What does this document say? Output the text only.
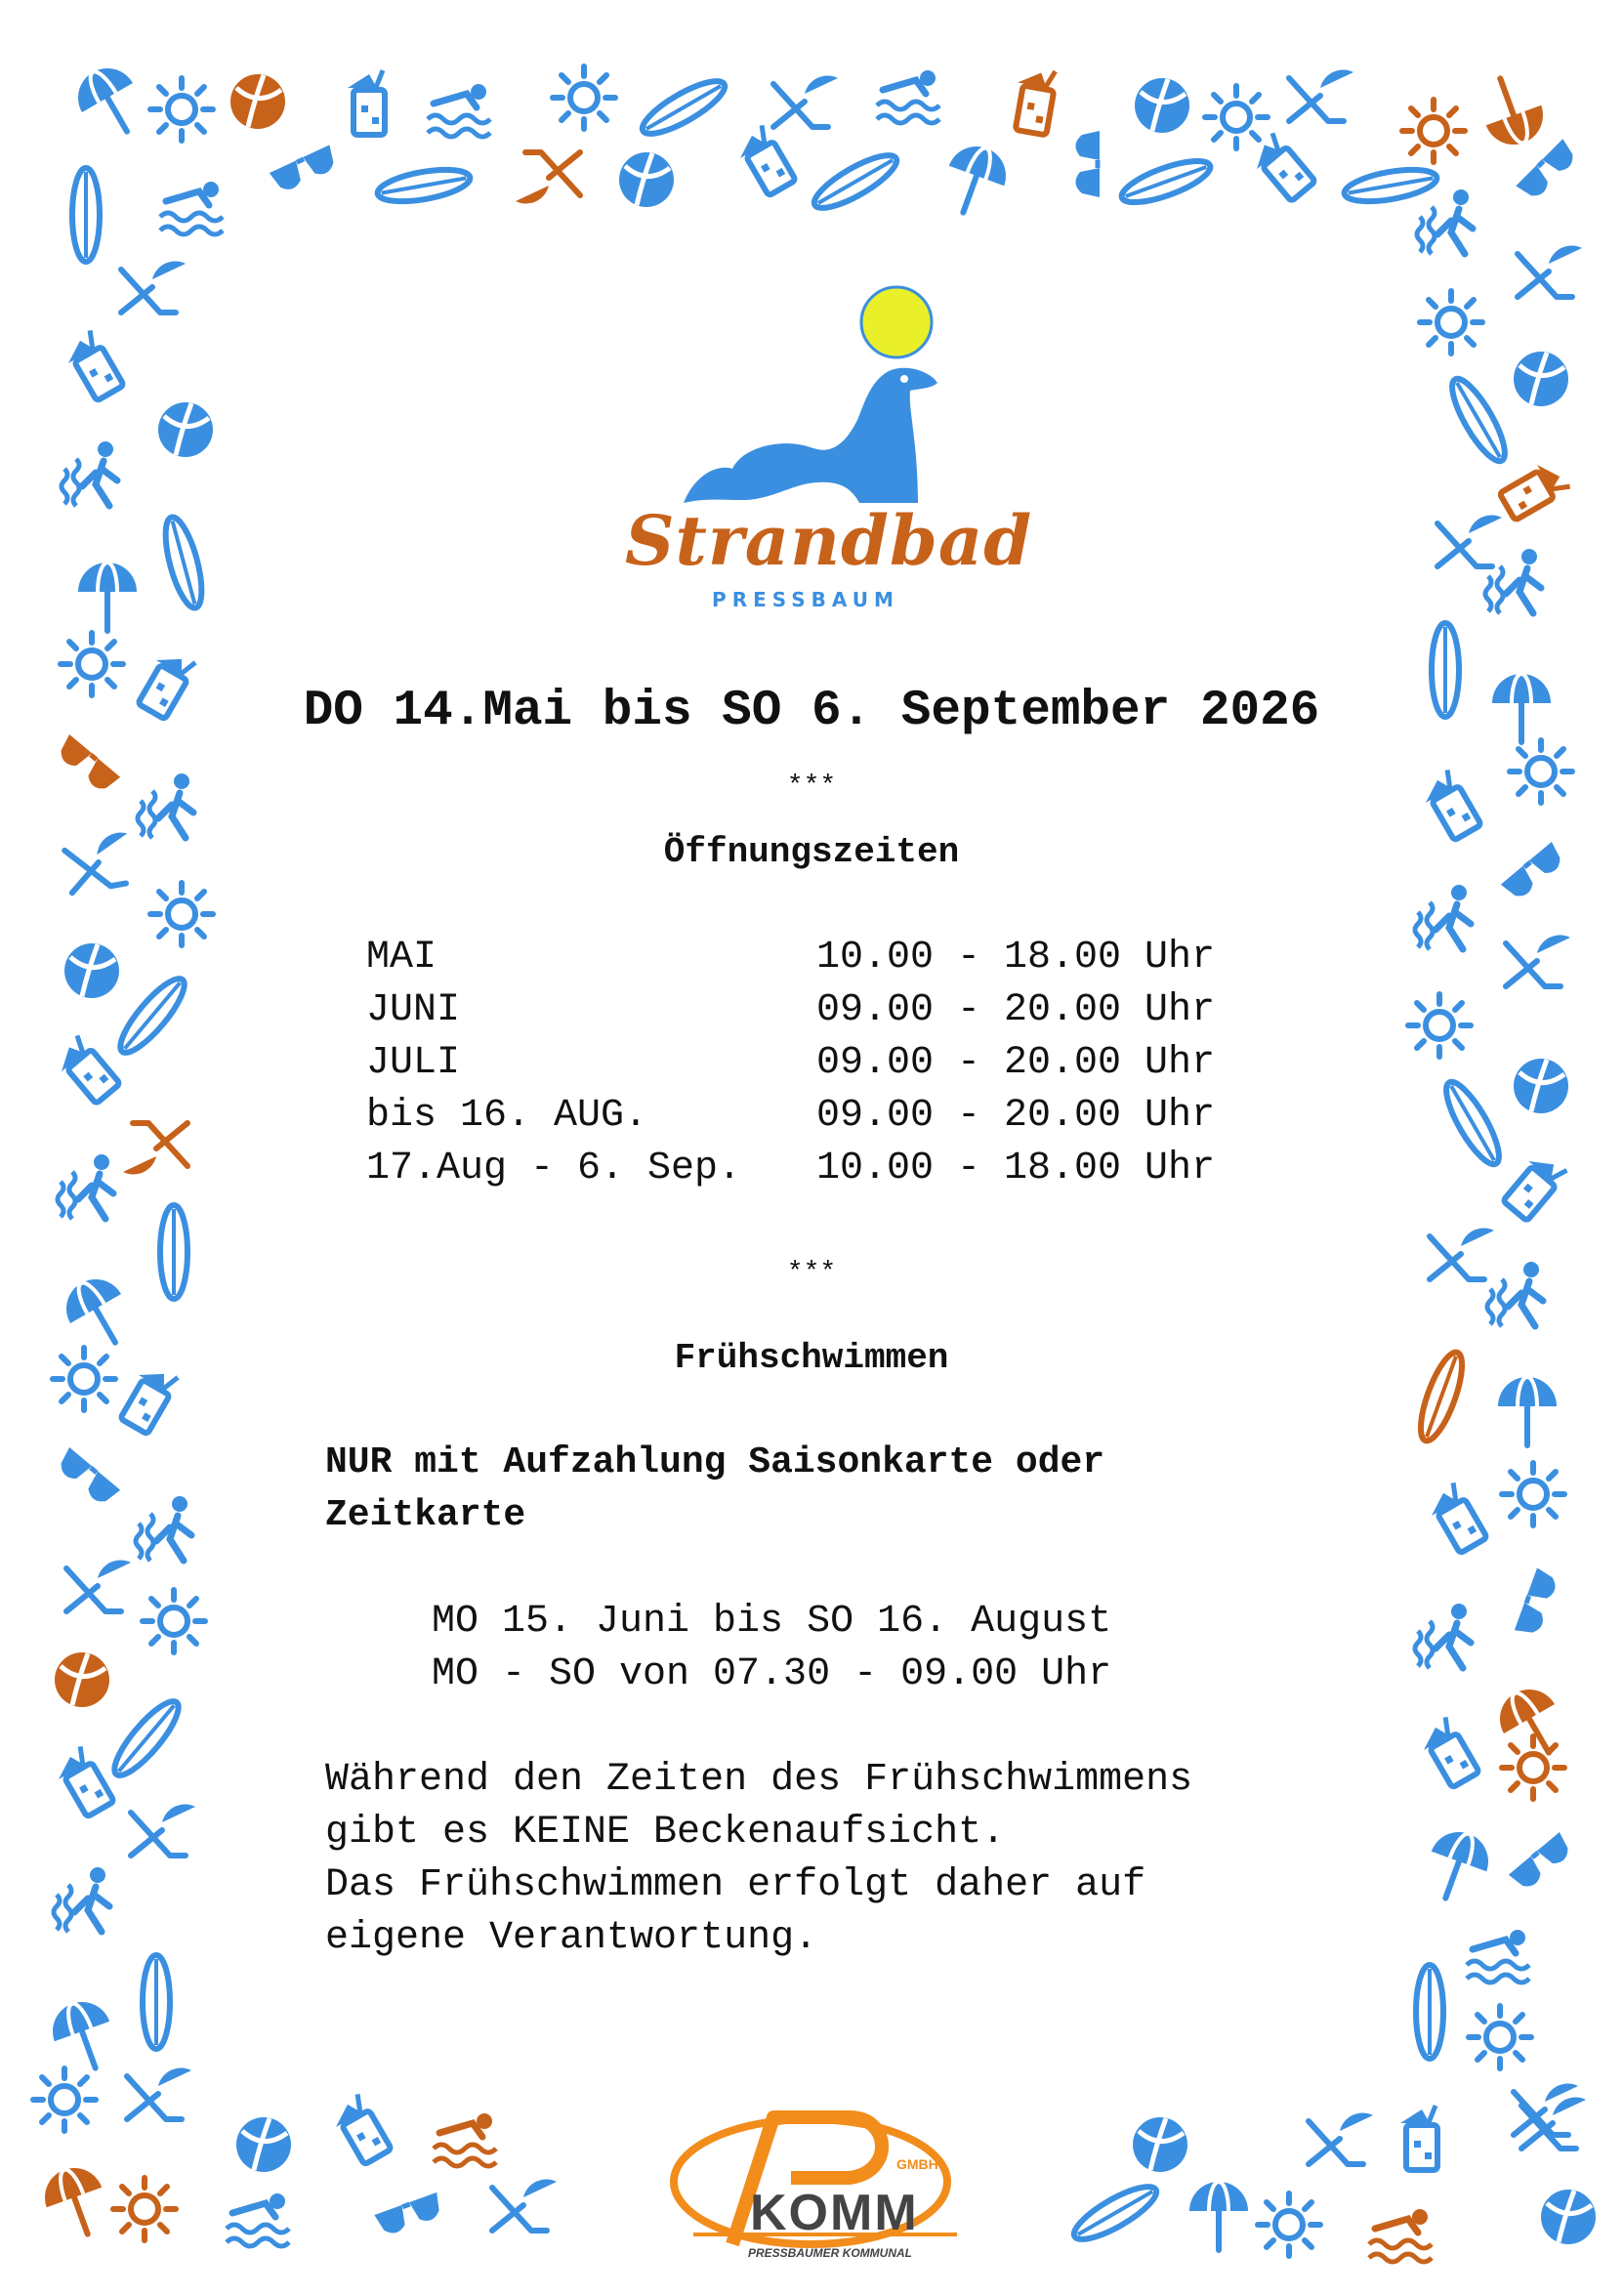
Strandbad
PRESSBAUM
DO 14.Mai bis SO 6. September 2026
***
Öffnungszeiten
MAI	10.00 - 18.00 Uhr
JUNI	09.00 - 20.00 Uhr
JULI	09.00 - 20.00 Uhr
bis 16. AUG.	09.00 - 20.00 Uhr
17.Aug - 6. Sep. 10.00 - 18.00 Uhr
***
Frühschwimmen
NUR mit Aufzahlung Saisonkarte oder
Zeitkarte
MO 15. Juni bis SO 16. August
MO - SO von 07.30 - 09.00 Uhr
Während den Zeiten des Frühschwimmens
gibt es KEINE Beckenaufsicht.
Das Frühschwimmen erfolgt daher auf
eigene Verantwortung.
KOMM
GMBH
PRESSBAUMER KOMMUNAL
